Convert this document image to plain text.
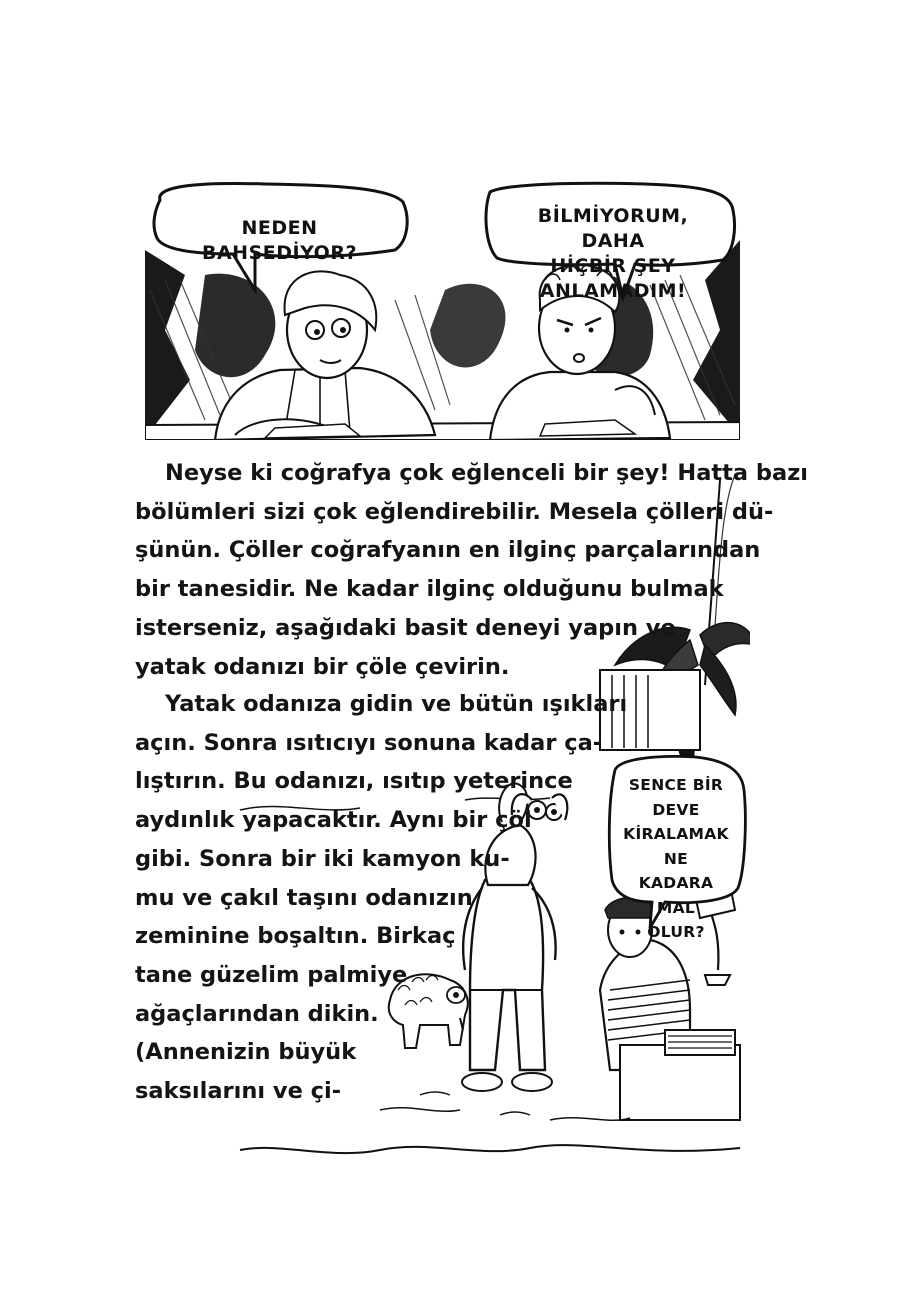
NEDEN BAHSEDİYOR?
BİLMİYORUM, DAHA
HİÇBİR ŞEY ANLAMADIM!
SENCE BİR
DEVE
KİRALAMAK NE
KADARA MAL
OLUR?

Neyse ki coğrafya çok eğlenceli bir şey! Hatta bazı
bölümleri sizi çok eğlendirebilir. Mesela çölleri dü-
şünün. Çöller coğrafyanın en ilginç parçalarından
bir tanesidir. Ne kadar ilginç olduğunu bulmak
isterseniz, aşağıdaki basit deneyi yapın ve
yatak odanızı bir çöle çevirin.

Yatak odanıza gidin ve bütün ışıkları
açın. Sonra ısıtıcıyı sonuna kadar ça-
lıştırın. Bu odanızı, ısıtıp yeterince
aydınlık yapacaktır. Aynı bir çöl
gibi. Sonra bir iki kamyon ku-
mu ve çakıl taşını odanızın
zeminine boşaltın. Birkaç
tane güzelim palmiye
ağaçlarından dikin.
(Annenizin büyük
saksılarını ve çi-
